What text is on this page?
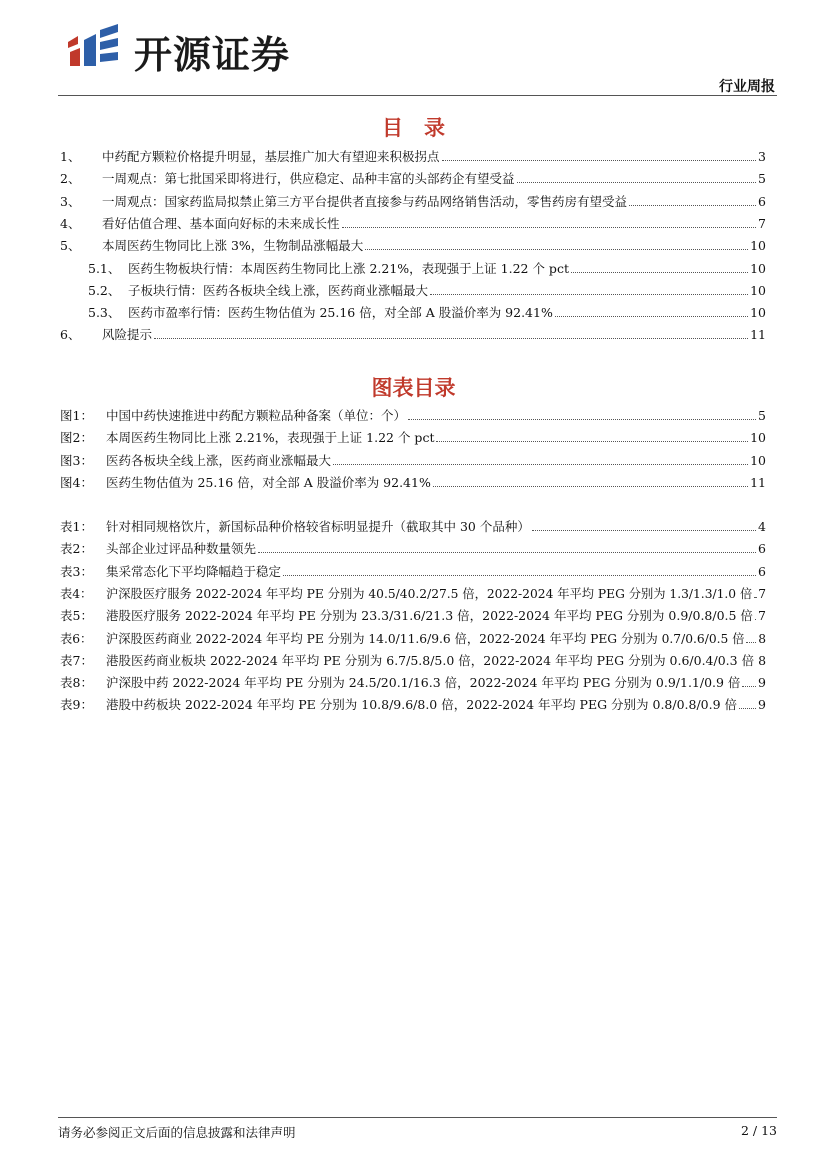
开源证券
行业周报
目　录
1、	中药配方颗粒价格提升明显，基层推广加大有望迎来积极拐点	3
2、	一周观点：第七批国采即将进行，供应稳定、品种丰富的头部药企有望受益	5
3、	一周观点：国家药监局拟禁止第三方平台提供者直接参与药品网络销售活动，零售药房有望受益	6
4、	看好估值合理、基本面向好标的未来成长性	7
5、	本周医药生物同比上涨 3%，生物制品涨幅最大	10
5.1、 医药生物板块行情：本周医药生物同比上涨 2.21%，表现强于上证 1.22 个 pct	10
5.2、 子板块行情：医药各板块全线上涨，医药商业涨幅最大	10
5.3、 医药市盈率行情：医药生物估值为 25.16 倍，对全部 A 股溢价率为 92.41%	10
6、	风险提示	11
图表目录
图1：	中国中药快速推进中药配方颗粒品种备案（单位：个）	5
图2：	本周医药生物同比上涨 2.21%，表现强于上证 1.22 个 pct	10
图3：	医药各板块全线上涨，医药商业涨幅最大	10
图4：	医药生物估值为 25.16 倍，对全部 A 股溢价率为 92.41%	11
表1：	针对相同规格饮片，新国标品种价格较省标明显提升（截取其中 30 个品种）	4
表2：	头部企业过评品种数量领先	6
表3：	集采常态化下平均降幅趋于稳定	6
表4：	沪深股医疗服务 2022-2024 年平均 PE 分别为 40.5/40.2/27.5 倍，2022-2024 年平均 PEG 分别为 1.3/1.3/1.0 倍 7
表5：	港股医疗服务 2022-2024 年平均 PE 分别为 23.3/31.6/21.3 倍，2022-2024 年平均 PEG 分别为 0.9/0.8/0.5 倍 7
表6：	沪深股医药商业 2022-2024 年平均 PE 分别为 14.0/11.6/9.6 倍，2022-2024 年平均 PEG 分别为 0.7/0.6/0.5 倍 8
表7：	港股医药商业板块 2022-2024 年平均 PE 分别为 6.7/5.8/5.0 倍，2022-2024 年平均 PEG 分别为 0.6/0.4/0.3 倍 8
表8：	沪深股中药 2022-2024 年平均 PE 分别为 24.5/20.1/16.3 倍，2022-2024 年平均 PEG 分别为 0.9/1.1/0.9 倍 9
表9：	港股中药板块 2022-2024 年平均 PE 分别为 10.8/9.6/8.0 倍，2022-2024 年平均 PEG 分别为 0.8/0.8/0.9 倍 9
请务必参阅正文后面的信息披露和法律声明	2 / 13
